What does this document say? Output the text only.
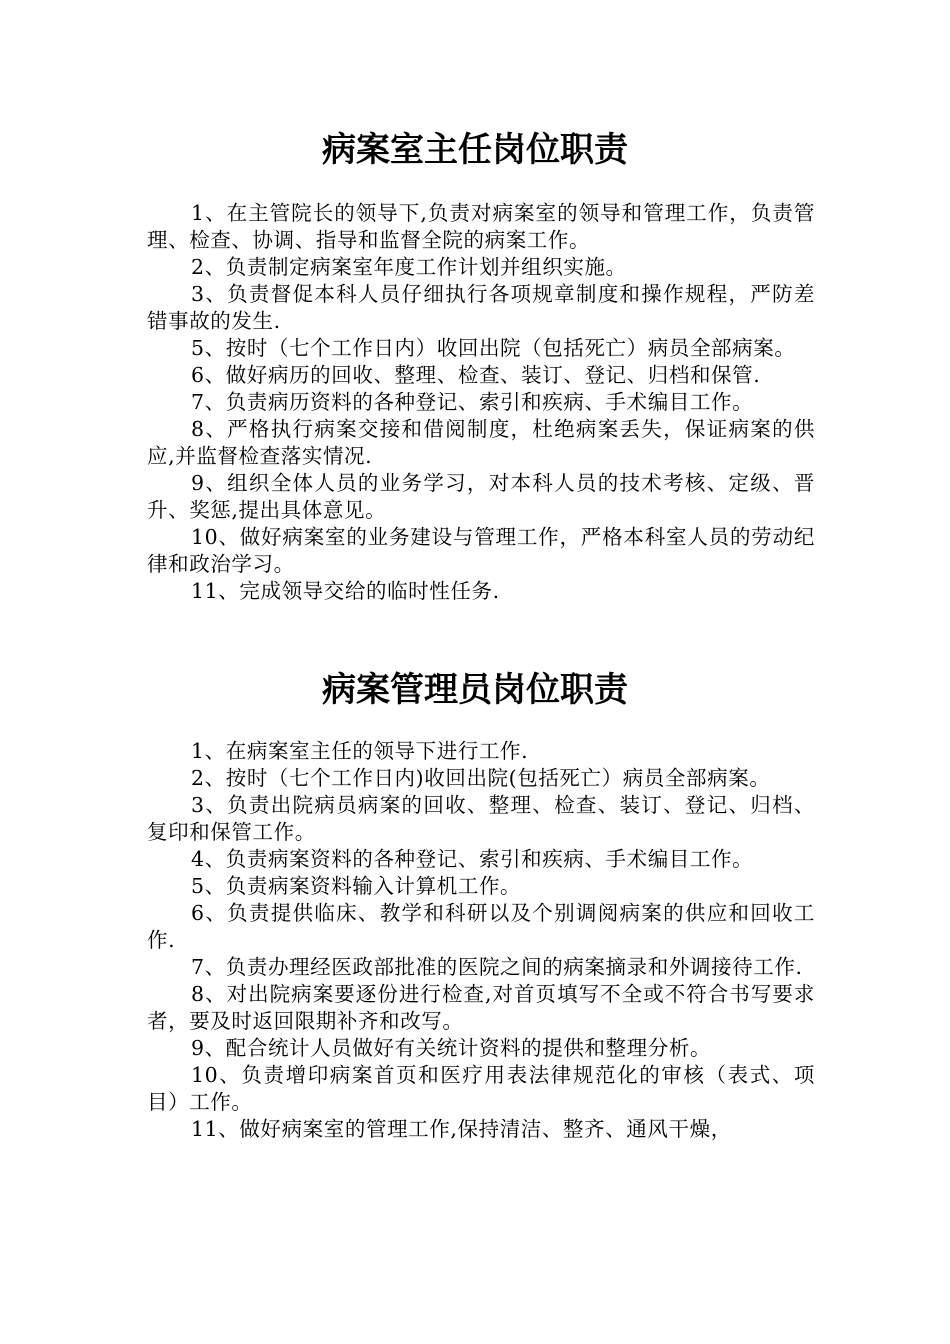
病案室主任岗位职责

1、在主管院长的领导下,负责对病案室的领导和管理工作，负责管理、检查、协调、指导和监督全院的病案工作。

2、负责制定病案室年度工作计划并组织实施。

3、负责督促本科人员仔细执行各项规章制度和操作规程，严防差错事故的发生.

5、按时（七个工作日内）收回出院（包括死亡）病员全部病案。

6、做好病历的回收、整理、检查、装订、登记、归档和保管.

7、负责病历资料的各种登记、索引和疾病、手术编目工作。

8、严格执行病案交接和借阅制度，杜绝病案丢失，保证病案的供应,并监督检查落实情况.

9、组织全体人员的业务学习，对本科人员的技术考核、定级、晋升、奖惩,提出具体意见。

10、做好病案室的业务建设与管理工作，严格本科室人员的劳动纪律和政治学习。

11、完成领导交给的临时性任务.

病案管理员岗位职责

1、在病案室主任的领导下进行工作.

2、按时（七个工作日内)收回出院(包括死亡）病员全部病案。

3、负责出院病员病案的回收、整理、检查、装订、登记、归档、复印和保管工作。

4、负责病案资料的各种登记、索引和疾病、手术编目工作。

5、负责病案资料输入计算机工作。

6、负责提供临床、教学和科研以及个别调阅病案的供应和回收工作.

7、负责办理经医政部批准的医院之间的病案摘录和外调接待工作.

8、对出院病案要逐份进行检查,对首页填写不全或不符合书写要求者，要及时返回限期补齐和改写。

9、配合统计人员做好有关统计资料的提供和整理分析。

10、负责增印病案首页和医疗用表法律规范化的审核（表式、项目）工作。

11、做好病案室的管理工作,保持清洁、整齐、通风干燥，
